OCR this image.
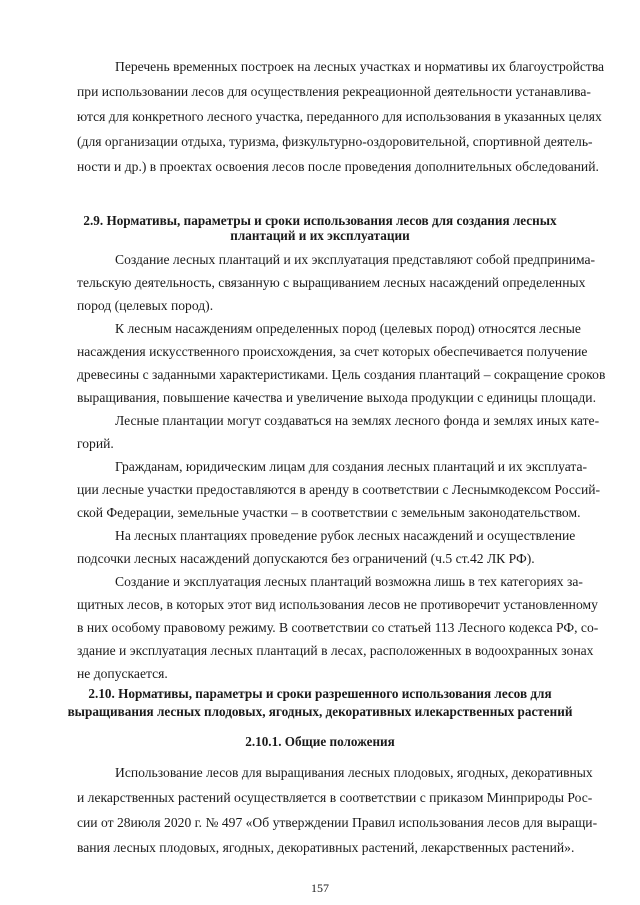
Перечень временных построек на лесных участках и нормативы их благоустройства
при использовании лесов для осуществления рекреационной деятельности устанавлива-
ются для конкретного лесного участка, переданного для использования в указанных целях
(для организации отдыха, туризма, физкультурно-оздоровительной, спортивной деятель-
ности и др.) в проектах освоения лесов после проведения дополнительных обследований.
2.9. Нормативы, параметры и сроки использования лесов для создания лесных
плантаций и их эксплуатации
Создание лесных плантаций и их эксплуатация представляют собой предпринима-
тельскую деятельность, связанную с выращиванием лесных насаждений определенных
пород (целевых пород).
К лесным насаждениям определенных пород (целевых пород) относятся лесные
насаждения искусственного происхождения, за счет которых обеспечивается получение
древесины с заданными характеристиками. Цель создания плантаций – сокращение сроков
выращивания, повышение качества и увеличение выхода продукции с единицы площади.
Лесные плантации могут создаваться на землях лесного фонда и землях иных кате-
горий.
Гражданам, юридическим лицам для создания лесных плантаций и их эксплуата-
ции лесные участки предоставляются в аренду в соответствии с Леснымкодексом Россий-
ской Федерации, земельные участки – в соответствии с земельным законодательством.
На лесных плантациях проведение рубок лесных насаждений и осуществление
подсочки лесных насаждений допускаются без ограничений (ч.5 ст.42 ЛК РФ).
Создание и эксплуатация лесных плантаций возможна лишь в тех категориях за-
щитных лесов, в которых этот вид использования лесов не противоречит установленному
в них особому правовому режиму. В соответствии со статьей 113 Лесного кодекса РФ, со-
здание и эксплуатация лесных плантаций в лесах, расположенных в водоохранных зонах
не допускается.
2.10. Нормативы, параметры и сроки разрешенного использования лесов для
выращивания лесных плодовых, ягодных, декоративных илекарственных растений
2.10.1. Общие положения
Использование лесов для выращивания лесных плодовых, ягодных, декоративных
и лекарственных растений осуществляется в соответствии с приказом Минприроды Рос-
сии от 28июля 2020 г. № 497 «Об утверждении Правил использования лесов для выращи-
вания лесных плодовых, ягодных, декоративных растений, лекарственных растений».
157
